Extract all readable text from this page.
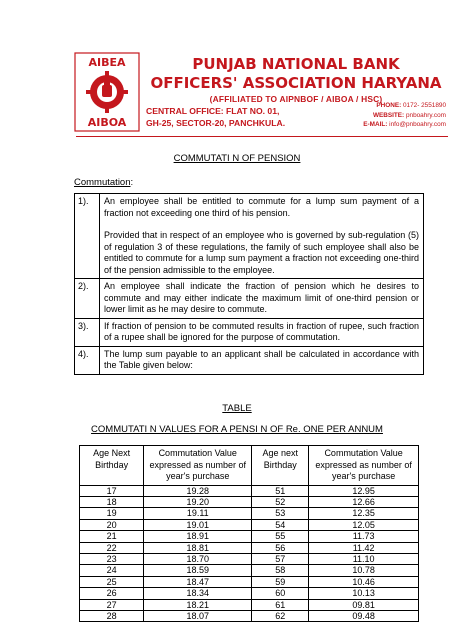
AIBEA
AIBOA
PUNJAB NATIONAL BANK
OFFICERS' ASSOCIATION HARYANA
(AFFILIATED TO AIPNBOF / AIBOA / HSC)
CENTRAL OFFICE: FLAT NO. 01,
GH-25, SECTOR-20, PANCHKULA.
PHONE: 0172- 2551890
WEBSITE: pnboahry.com
E-MAIL: info@pnboahry.com
COMMUTATI N OF PENSION
Commutation:
1).	An employee shall be entitled to commute for a lump sum payment of a fraction not exceeding one third of his pension.

Provided that in respect of an employee who is governed by sub-regulation (5) of regulation 3 of these regulations, the family of such employee shall also be entitled to commute for a lump sum payment a fraction not exceeding one-third of the pension admissible to the employee.

2).	An employee shall indicate the fraction of pension which he desires to commute and may either indicate the maximum limit of one-third pension or lower limit as he may desire to commute.

3).	If fraction of pension to be commuted results in fraction of rupee, such fraction of a rupee shall be ignored for the purpose of commutation.

4).	The lump sum payable to an applicant shall be calculated in accordance with the Table given below:

TABLE
COMMUTATI N VALUES FOR A PENSI N OF Re. ONE PER ANNUM
Age Next Birthday	Commutation Value expressed as number of year's purchase	Age next Birthday	Commutation Value expressed as number of year's purchase
17	19.28	51	12.95
18	19.20	52	12.66
19	19.11	53	12.35
20	19.01	54	12.05
21	18.91	55	11.73
22	18.81	56	11.42
23	18.70	57	11.10
24	18.59	58	10.78
25	18.47	59	10.46
26	18.34	60	10.13
27	18.21	61	09.81
28	18.07	62	09.48
